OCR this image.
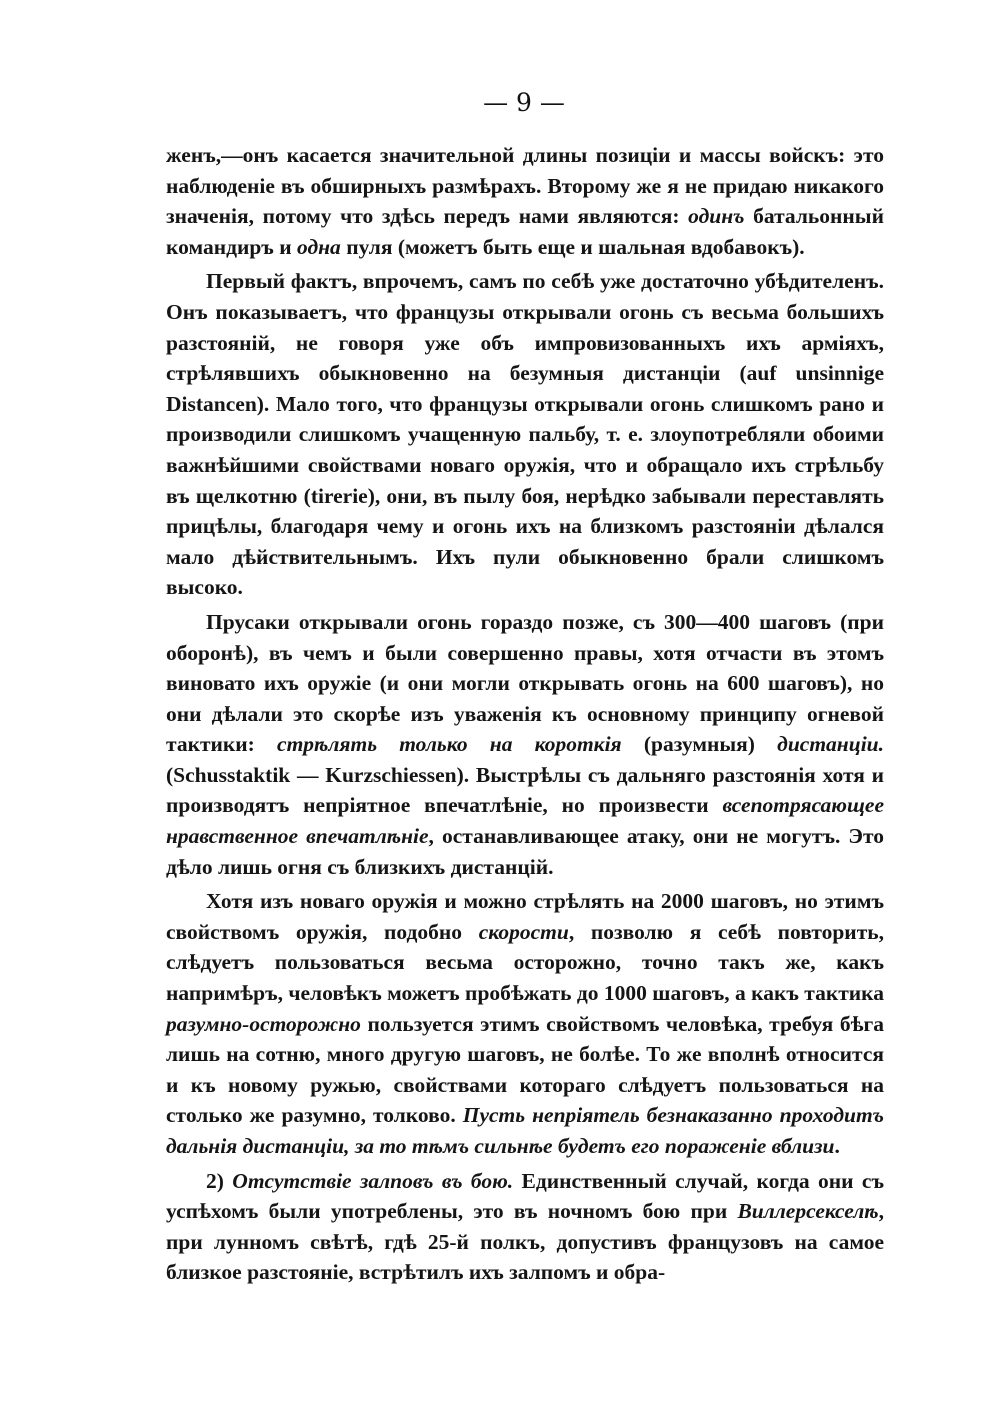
— 9 —

женъ,—онъ касается значительной длины позиціи и массы войскъ: это наблюденіе въ обширныхъ размѣрахъ. Второму же я не придаю никакого значенія, потому что здѣсь передъ нами являются: одинъ батальонный командиръ и одна пуля (можетъ быть еще и шальная вдобавокъ).

Первый фактъ, впрочемъ, самъ по себѣ уже достаточно убѣдителенъ. Онъ показываетъ, что французы открывали огонь съ весьма большихъ разстояній, не говоря уже объ импровизованныхъ ихъ арміяхъ, стрѣлявшихъ обыкновенно на безумныя дистанціи (auf unsinnige Distancen). Мало того, что французы открывали огонь слишкомъ рано и производили слишкомъ учащенную пальбу, т. е. злоупотребляли обоими важнѣйшими свойствами новаго оружія, что и обращало ихъ стрѣльбу въ щелкотню (tirerie), они, въ пылу боя, нерѣдко забывали переставлять прицѣлы, благодаря чему и огонь ихъ на близкомъ разстояніи дѣлался мало дѣйствительнымъ. Ихъ пули обыкновенно брали слишкомъ высоко.

Прусаки открывали огонь гораздо позже, съ 300—400 шаговъ (при оборонѣ), въ чемъ и были совершенно правы, хотя отчасти въ этомъ виновато ихъ оружіе (и они могли открывать огонь на 600 шаговъ), но они дѣлали это скорѣе изъ уваженія къ основному принципу огневой тактики: стрѣлять только на короткія (разумныя) дистанціи. (Schusstaktik — Kurzschiessen). Выстрѣлы съ дальняго разстоянія хотя и производятъ непріятное впечатлѣніе, но произвести всепотрясающее нравственное впечатлѣніе, останавливающее атаку, они не могутъ. Это дѣло лишь огня съ близкихъ дистанцій.

Хотя изъ новаго оружія и можно стрѣлять на 2000 шаговъ, но этимъ свойствомъ оружія, подобно скорости, позволю я себѣ повторить, слѣдуетъ пользоваться весьма осторожно, точно такъ же, какъ напримѣръ, человѣкъ можетъ пробѣжать до 1000 шаговъ, а какъ тактика разумно-осторожно пользуется этимъ свойствомъ человѣка, требуя бѣга лишь на сотню, много другую шаговъ, не болѣе. То же вполнѣ относится и къ новому ружью, свойствами котораго слѣдуетъ пользоваться на столько же разумно, толково. Пусть непріятель безнаказанно проходитъ дальнія дистанціи, за то тѣмъ сильнѣе будетъ его пораженіе вблизи.

2) Отсутствіе залповъ въ бою. Единственный случай, когда они съ успѣхомъ были употреблены, это въ ночномъ бою при Виллерсекселѣ, при лунномъ свѣтѣ, гдѣ 25-й полкъ, допустивъ французовъ на самое близкое разстояніе, встрѣтилъ ихъ залпомъ и обра-
